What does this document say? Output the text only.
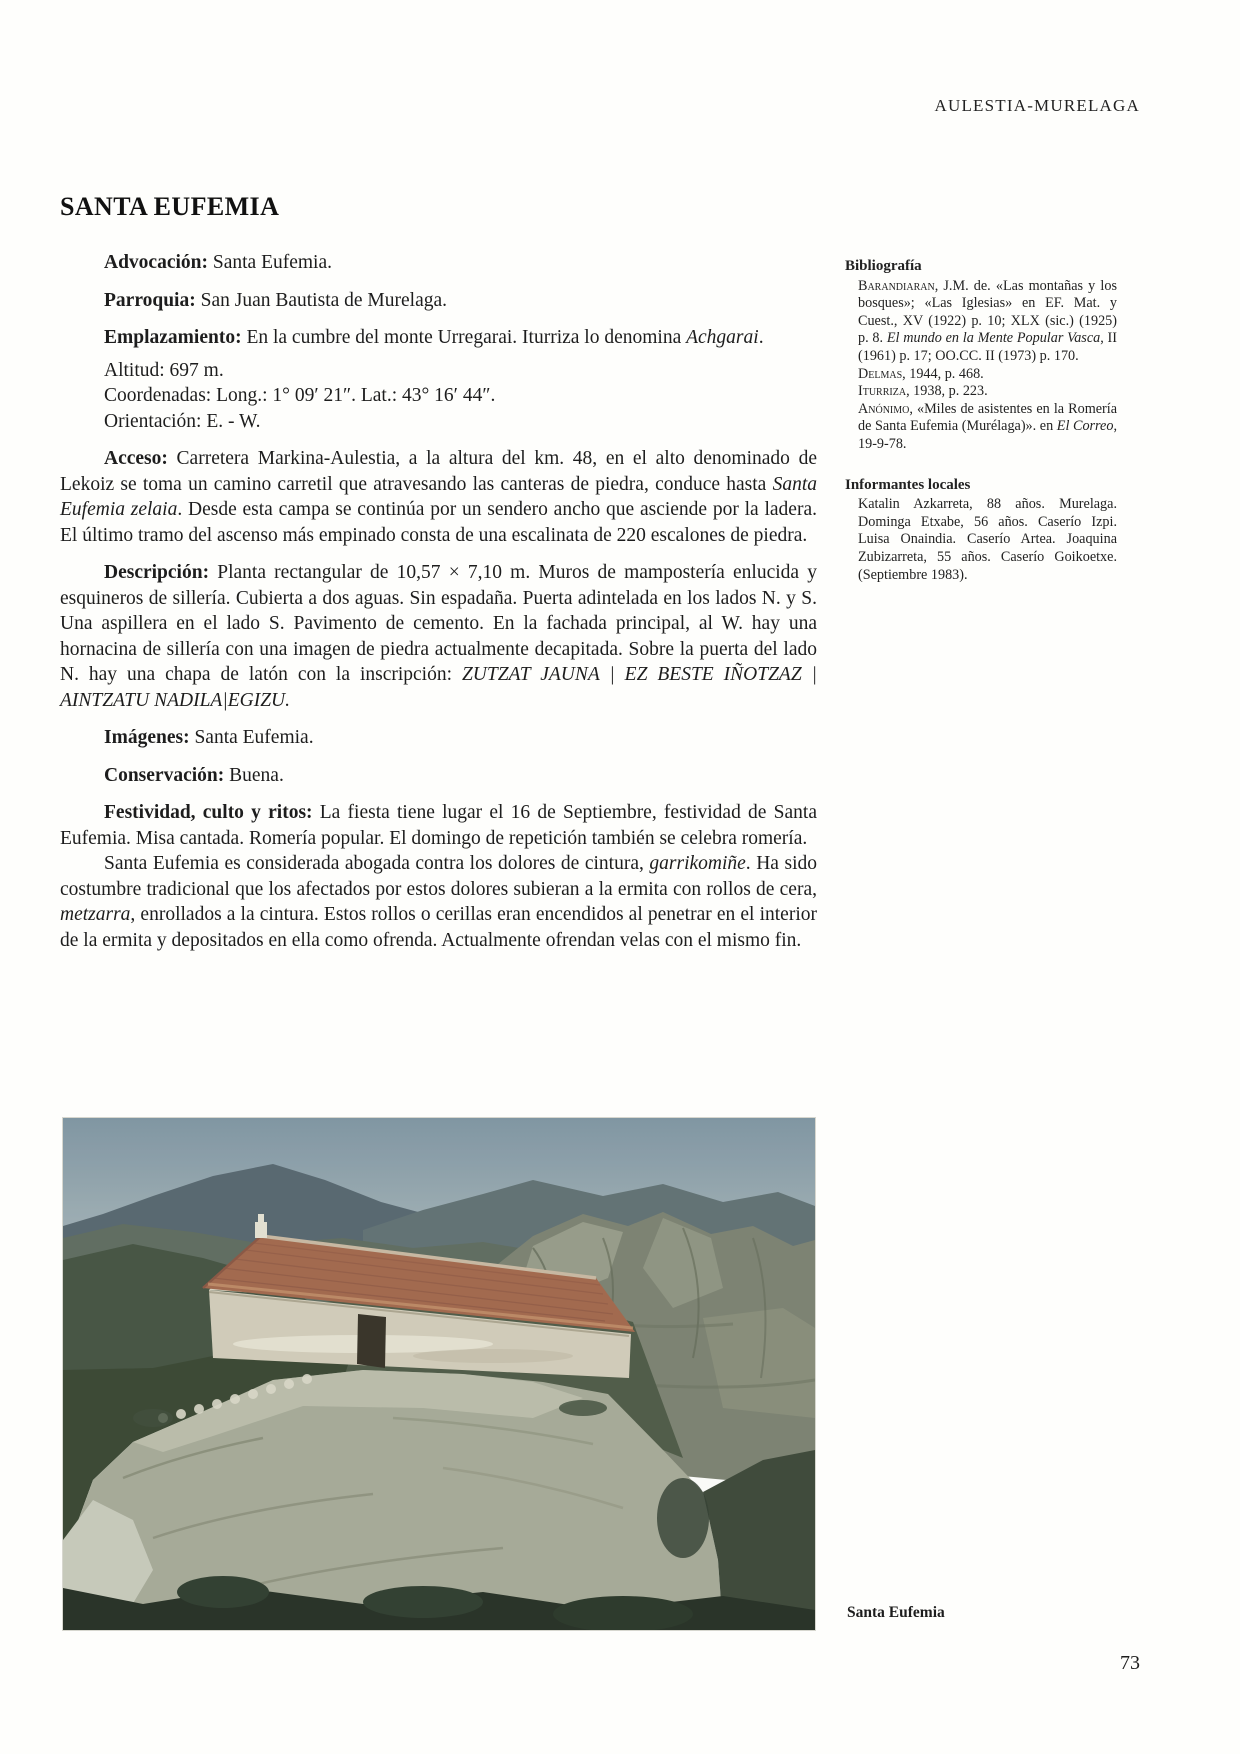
AULESTIA-MURELAGA
SANTA EUFEMIA

Advocación: Santa Eufemia.

Parroquia: San Juan Bautista de Murelaga.

Emplazamiento: En la cumbre del monte Urregarai. Iturriza lo denomina Achgarai.

Altitud: 697 m.

Coordenadas: Long.: 1° 09′ 21″. Lat.: 43° 16′ 44″.

Orientación: E. - W.

Acceso: Carretera Markina-Aulestia, a la altura del km. 48, en el alto denominado de Lekoiz se toma un camino carretil que atravesando las canteras de piedra, conduce hasta Santa Eufemia zelaia. Desde esta campa se continúa por un sendero ancho que asciende por la ladera. El último tramo del ascenso más empinado consta de una escalinata de 220 escalones de piedra.

Descripción: Planta rectangular de 10,57 × 7,10 m. Muros de mampostería enlucida y esquineros de sillería. Cubierta a dos aguas. Sin espadaña. Puerta adintelada en los lados N. y S. Una aspillera en el lado S. Pavimento de cemento. En la fachada principal, al W. hay una hornacina de sillería con una imagen de piedra actualmente decapitada. Sobre la puerta del lado N. hay una chapa de latón con la inscripción: ZUTZAT JAUNA | EZ BESTE IÑOTZAZ | AINTZATU NADILA|EGIZU.

Imágenes: Santa Eufemia.

Conservación: Buena.

Festividad, culto y ritos: La fiesta tiene lugar el 16 de Septiembre, festividad de Santa Eufemia. Misa cantada. Romería popular. El domingo de repetición también se celebra romería.

Santa Eufemia es considerada abogada contra los dolores de cintura, garrikomiñe. Ha sido costumbre tradicional que los afectados por estos dolores subieran a la ermita con rollos de cera, metzarra, enrollados a la cintura. Estos rollos o cerillas eran encendidos al penetrar en el interior de la ermita y depositados en ella como ofrenda. Actualmente ofrendan velas con el mismo fin.

Bibliografía

Barandiaran, J.M. de. «Las montañas y los bosques»; «Las Iglesias» en EF. Mat. y Cuest., XV (1922) p. 10; XLX (sic.) (1925) p. 8. El mundo en la Mente Popular Vasca, II (1961) p. 17; OO.CC. II (1973) p. 170.

Delmas, 1944, p. 468.

Iturriza, 1938, p. 223.

Anónimo, «Miles de asistentes en la Romería de Santa Eufemia (Murélaga)». en El Correo, 19-9-78.

Informantes locales

Katalin Azkarreta, 88 años. Murelaga. Dominga Etxabe, 56 años. Caserío Izpi. Luisa Onaindia. Caserío Artea. Joaquina Zubizarreta, 55 años. Caserío Goikoetxe. (Septiembre 1983).

Santa Eufemia
73
